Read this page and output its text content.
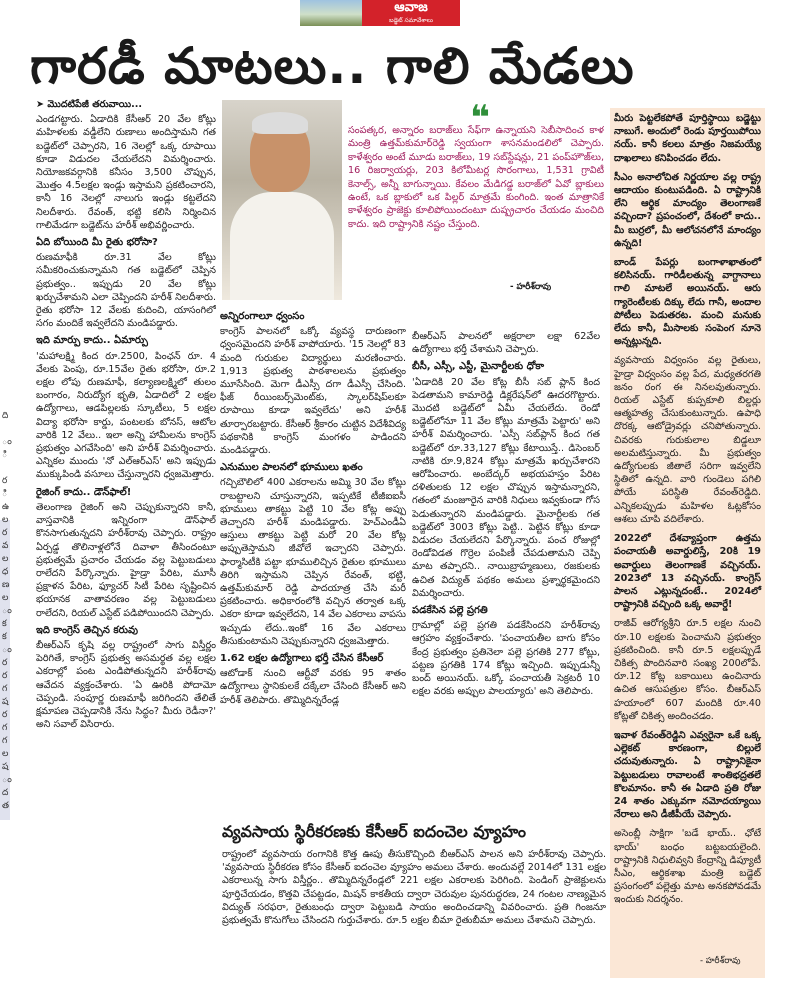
ఆవాజ
బడ్జెట్ సమావేశాలు
గారడీ మాటలు.. గాలి మేడలు
➤ మొదటిపేజీ తరువాయి...

ఎండగట్టారు. ఏడాదికి కేసీఆర్ 20 వేల కోట్లు మహిళలకు వడ్డీలేని రుణాలు అందిస్తామని గత బడ్జెట్‌లో చెప్పారని, 16 నెలల్లో ఒక్క రూపాయి కూడా విడుదల చేయలేదని విమర్శించారు. నియోజకవర్గానికి కనీసం 3,500 చొప్పున, మొత్తం 4.5లక్షల ఇండ్లు ఇస్తామని ప్రకటించారని, కానీ 16 నెలల్లో నాలుగు ఇండ్లు కట్టలేదని నిలదీశారు. రేవంత్, భట్టి కలిసి నిర్మించిన గాలిమేడగా బడ్జెట్‌ను హరీశ్ అభివర్ణించారు.

ఏది బోయింది మీ రైతు భరోసా?

రుణమాఫీకి రూ.31 వేల కోట్లు సమీకరించుకున్నామని గత బడ్జెట్‌లో చెప్పిన ప్రభుత్వం.. ఇప్పుడు 20 వేల కోట్లు ఖర్చుచేశామని ఎలా చెప్పిందని హరీశ్ నిలదీశారు. రైతు భరోసా 12 వేలకు కుదించి, యాసంగిలో సగం మందికే ఇవ్వలేదని మండిపడ్డారు.

ఇది మార్పు కాదు.. ఏమార్పు

'మహాలక్ష్మి కింద రూ.2500, పింఛన్ రూ. 4 వేలకు పెంపు, రూ.15వేల రైతు భరోసా, రూ.2 లక్షల లోపు రుణమాఫీ, కల్యాణలక్ష్మిలో తులం బంగారం, నిరుద్యోగ భృతి, ఏడాదిలో 2 లక్షల ఉద్యోగాలు, ఆడపిల్లలకు స్కూటీలు, 5 లక్షల విద్యా భరోసా కార్డు, పంటలకు బోనస్, ఆటోల వారికి 12 వేలు.. ఇలా అన్ని హామీలను కాంగ్రెస్ ప్రభుత్వం ఎగవేసింది' అని హరీశ్ విమర్శించారు. ఎన్నికల ముందు 'నో ఎల్ఆర్ఎస్' అని ఇప్పుడు ముక్కుపిండి వసూలు చేస్తున్నారని ధ్వజమెత్తారు.

రైజింగ్ కాదు.. డౌన్‌ఫాల్!

తెలంగాణ రైజింగ్ అని చెప్పుకున్నారని కానీ, వాస్తవానికి ఇన్నిరంగా డౌన్‌ఫాల్ కొనసాగుతున్నదని హరీశ్‌రావు చెప్పారు. రాష్ట్రం ఏర్పడ్డ తొలినాళ్లలోనే దివాళా తీసిందంటూ ప్రభుత్వమే ప్రచారం చేయడం వల్ల పెట్టుబడులు రాలేదని పేర్కొన్నారు. హైడ్రా పేరిట, మూసీ ప్రక్షాళన పేరిట, ఫ్యూచర్ సిటీ పేరిట సృష్టించిన భయానక వాతావరణం వల్ల పెట్టుబడులు రాలేదని, రియల్ ఎస్టేట్ పడిపోయిందని చెప్పారు.

ఇది కాంగ్రెస్ తెచ్చిన కరువు

బీఆర్ఎస్ కృషి వల్ల రాష్ట్రంలో సాగు విస్తీర్ణం పెరిగితే, కాంగ్రెస్ ప్రభుత్వ అసమర్థత వల్ల లక్షల ఎకరాల్లో పంట ఎండిపోతున్నదని హరీశ్‌రావు ఆవేదన వ్యక్తంచేశారు. 'ఏ ఊరికి పోదామో చెప్పండి. సంపూర్ణ రుణమాఫీ జరిగిందని తేలితే క్షమాపణ చెప్పడానికి నేను సిద్ధం? మీరు రెడీనా?' అని సవాల్ విసిరారు.

❝
సంపత్కర, అన్నారం బరాజ్‌లు సేఫ్‌గా ఉన్నాయని సెబీసాదించ కాళ మంత్రి ఉత్తమ్‌కుమార్‌రెడ్డి స్వయంగా శాసనమండలిలో చెప్పారు. కాళేశ్వరం అంటే మూడు బరాజ్‌లు, 19 సబ్‌స్టేషన్లు, 21 పంప్‌హౌజ్‌లు, 16 రిజర్వాయర్లు, 203 కిలోమీటర్ల సొరంగాలు, 1,531 గ్రావిటీ కెనాల్స్, అన్నీ బాగున్నాయి. కేవలం మేడిగడ్డ బరాజ్‌లో ఏవో బ్లాకులు ఉంటే, ఒక బ్లాకులో ఒక పిల్లర్ మాత్రమే కుంగింది. ఇంత మాత్రానికే కాళేశ్వరం ప్రాజెక్టు కూలిపోయిందంటూ దుష్ప్రచారం చేయడం మంచిది కాదు. ఇది రాష్ట్రానికి నష్టం చేస్తుంది.
- హరీశ్‌రావు
అన్నిరంగాలూ ధ్వంసం

కాంగ్రెస్ పాలనలో ఒక్కో వ్యవస్థ దారుణంగా ధ్వంసమైందని హరీశ్ వాపోయారు. '15 నెలల్లో 83 మంది గురుకుల విద్యార్థులు మరణించారు. 1,913 ప్రభుత్వ పాఠశాలలను ప్రభుత్వం మూసేసింది. మెగా డీఎస్సీ దగా డీఎస్సీ చేసింది. ఫీజ్ రీయింబర్స్‌మెంట్‌కు, స్కాలర్‌షిప్‌లకూ రూపాయి కూడా ఇవ్వలేదు' అని హరీశ్ తూర్పారబట్టారు. కేసీఆర్ శ్రీకారం చుట్టిన విదేశీవిద్య పథకానికి కాంగ్రెస్ మంగళం పాడిందని మండిపడ్డారు.

ఎనుముల పాలనలో భూములు ఖతం

గచ్చిబౌలిలో 400 ఎకరాలను అమ్మి 30 వేల కోట్లు రాబట్టాలని చూస్తున్నారని, ఇప్పటికే టీజీఐఐసీ భూములు తాకట్టు పెట్టి 10 వేల కోట్ల అప్పు తెచ్చారని హరీశ్ మండిపడ్డారు. హెచ్ఎండీఏ ఆస్తులు తాకట్టు పెట్టి మరో 20 వేల కోట్ల అప్పుతెస్తామని జీవోలే ఇచ్చారని చెప్పారు. ఫార్మాసిటీకి పట్టా భూములిచ్చిన రైతుల భూములు తిరిగి ఇస్తామని చెప్పిన రేవంత్, భట్టి, ఉత్తమ్‌కుమార్ రెడ్డి పాదయాత్ర చేసి మరీ ప్రకటించారు. అధికారంలోకి వచ్చిన తర్వాత ఒక్క ఎకరా కూడా ఇవ్వలేదని, 14 వేల ఎకరాలు వాపసు ఇచ్చుడు లేదు..ఇంకో 16 వేల ఎకరాలు తీసుకుంటామని చెప్పుకున్నారని ధ్వజమెత్తారు.

1.62 లక్షల ఉద్యోగాలు భర్తీ చేసిన కేసీఆర్

ఆటోడాక్ నుంచి ఆర్టీవో వరకు 95 శాతం ఉద్యోగాలు స్థానికులకే దక్కేలా చేసింది కేసీఆర్ అని హరీశ్ తెలిపారు. తొమ్మిదిన్నరేండ్ల

బీఆర్ఎస్ పాలనలో అక్షరాలా లక్షా 62వేల ఉద్యోగాలు భర్తీ చేశామని చెప్పారు.

బీసీ, ఎస్సీ, ఎస్టీ, మైనార్టీలకు ధోకా

'ఏడాదికి 20 వేల కోట్ల బీసీ సబ్ ప్లాన్ కింద పెడతామని కామారెడ్డి డిక్లరేషన్‌లో ఊదరగొట్టారు. మొదటి బడ్జెట్‌లో ఏమీ చేయలేదు. రెండో బడ్జెట్‌లోనూ 11 వేల కోట్లు మాత్రమే పెట్టారు' అని హరీశ్ విమర్శించారు. 'ఎస్సీ సబ్‌ప్లాన్ కింద గత బడ్జెట్‌లో రూ.33,127 కోట్లు కేటాయిస్తే.. డిసెంబర్ నాటికి రూ.9,824 కోట్లు మాత్రమే ఖర్చుచేశారని ఆరోపించారు. అంబేద్కర్ అభయహస్తం పేరిట దళితులకు 12 లక్షల చొప్పున ఇస్తామన్నారని, గతంలో మంజూరైన వారికి నిధులు ఇవ్వకుండా గోస పెడుతున్నారని మండిపడ్డారు. మైనార్టీలకు గత బడ్జెట్‌లో 3003 కోట్లు పెట్టి.. పెట్టిన కోట్లు కూడా విడుదల చేయలేదని పేర్కొన్నారు. పంచ రోజుల్లో రెండోవిడత గొర్రెల పంపిణీ చేపడుతామని చెప్పి మాట తప్పారని.. నాయిబ్రాహ్మణులు, రజకులకు ఉచిత విద్యుత్ పథకం అమలు ప్రశ్నార్థకమైందని విమర్శించారు.

పడకేసిన పల్లె ప్రగతి

గ్రామాల్లో పల్లె ప్రగతి పడకేసిందని హరీశ్‌రావు ఆగ్రహం వ్యక్తంచేశారు. 'పంచాయతీల బాగు కోసం కేంద్ర ప్రభుత్వం ప్రతినెలా పల్లె ప్రగతికి 277 కోట్లు, పట్టణ ప్రగతికి 174 కోట్లు ఇచ్చింది. ఇప్పుడున్నీ బంద్ అయినయ్. ఒక్కో పంచాయతీ సెక్రటరీ 10 లక్షల వరకు అప్పుల పాలయ్యారు' అని తెలిపారు.

వ్యవసాయ స్థిరీకరణకు కేసీఆర్ ఐదంచెల వ్యూహం
రాష్ట్రంలో వ్యవసాయ రంగానికి కొత్త ఊపు తీసుకొచ్చింది బీఆర్ఎస్ పాలన అని హరీశ్‌రావు చెప్పారు. 'వ్యవసాయ స్థిరీకరణ కోసం కేసీఆర్ ఐదంచెల వ్యూహం అమలు చేశారు. అందువల్లే 2014లో 131 లక్షల ఎకరాలున్న సాగు విస్తీర్ణం.. తొమ్మిదిన్నరేండ్లలో 221 లక్షల ఎకరాలకు పెరిగింది. పెండింగ్ ప్రాజెక్టులను పూర్తిచేయడం, కొత్తవి చేపట్టడం, మిషన్ కాకతీయ ద్వారా చెరువుల పునరుద్ధరణ, 24 గంటల నాణ్యమైన విద్యుత్ సరఫరా, రైతుబంధు ద్వారా పెట్టుబడి సాయం అందించడాన్ని వివరించారు. ప్రతి గింజనూ ప్రభుత్వమే కొనుగోలు చేసిందని గుర్తుచేశారు. రూ.5 లక్షల బీమా రైతుబీమా అమలు చేశామని చెప్పారు.

మీరు పెట్టలేకపోతే పూర్తిస్థాయి బడ్జెట్టు నాబుగే. అందులో రెండు పూర్తయిపోయి నయ్. కానీ కలలు మాత్రం నిజమయ్యే దాఖలాలు కనిపించడం లేదు.

సీఎం అనాలోచిత నిర్ణయాల వల్ల రాష్ట్ర ఆదాయం కుంటుపడింది. ఏ రాష్ట్రానికి లేని ఆర్థిక మాంద్యం తెలంగాణకే వచ్చిందా? ప్రపంచంలో, దేశంలో కాదు.. మీ బుర్రలో, మీ ఆలోచనలోనే మాంద్యం ఉన్నది!

బాండ్ పేపర్లు బంగాళాఖాతంలో కలిసినయ్. గారిడీలతున్న వాగ్దానాలు గాలి మాటలే అయినయ్. ఆరు గ్యారెంటీలకు దిక్కు లేదు గానీ, అందాల పోటీలు పెడుతరట. మంచి మనుకు లేదు కానీ, మీసాలకు సంపెంగ నూనె అన్నట్లున్నది.

వ్యవసాయ విధ్వంసం వల్ల రైతులు, హైడ్రా విధ్వంసం వల్ల పేద, మధ్యతరగతి జనం రంగ ఈ నినలవుతున్నారు. రియల్ ఎస్టేట్ కుప్పకూలి బిల్డర్లు ఆత్మహత్య చేసుకుంటున్నారు. ఉపాధి దొరక్క ఆటోడ్రైవర్లు చనిపోతున్నారు. చివరకు గురుకులాల బిడ్డలూ అలమటిస్తున్నారు. మీ ప్రభుత్వం ఉద్యోగులకు జీతాలే సరిగా ఇవ్వలేని స్థితిలో ఉన్నది. వారి గుండెలు పగిలి పోయే పరిస్థితి రేవంత్‌రెడ్డిది. ఎన్నికలప్పుడు మహిళల ఓట్లకోసం ఆశలు చూపి వదిలేశారు.

2022లో దేశవ్యాప్తంగా ఉత్తమ పంచాయతీ అవార్డులిస్తే, 20కి 19 అవార్డులు తెలంగాణకే వచ్చినయ్. 2023లో 13 వచ్చినయ్. కాంగ్రెస్ పాలన ఎట్లున్నదంటే.. 2024లో రాష్ట్రానికి వచ్చింది ఒక్క అవార్డే!

రాజీవ్ ఆరోగ్యశ్రీని రూ.5 లక్షల నుంచి రూ.10 లక్షలకు పెంచామని ప్రభుత్వం ప్రకటించింది. కానీ రూ.5 లక్షలప్పుడే చికిత్స పొందినవారి సంఖ్య 200లోపే. రూ.12 కోట్ల బకాయిలు ఉంచినారు ఉచిత ఆసుపత్రుల కోసం. బీఆర్ఎస్ హయాంలో 607 మందికి రూ.40 కోట్లతో చికిత్స అందించడం.

ఇవాళ రేవంత్‌రెడ్డిని ఎవ్వరైనా ఒకే ఒక్క ఎల్లెకట్ కారణంగా, బిల్లులే చదువుతున్నారు. ఏ రాష్ట్రానికైనా పెట్టుబడులు రావాలంటే శాంతిభద్రతలే కొలమానం. కానీ ఈ ఏడాది ప్రతి రోజు 24 శాతం ఎక్కువగా నమోదయ్యాయి నేరాలు అని డీజీపీయే చెప్పారు.

అసెంబ్లీ సాక్షిగా 'బడే భాయ్.. ఛోటే భాయ్' బంధం బట్టబయలైంది. రాష్ట్రానికి నిధులివ్వని కేంద్రాన్ని డిప్యూటీ సీఎం, ఆర్థికశాఖ మంత్రి బడ్జెట్ ప్రసంగంలో పల్లెత్తు మాట అనకపోవడమే ఇందుకు నిదర్శనం.

- హరీశ్‌రావు
ది
ం
ి
ర
ి
ఉ
ల
ర
వ
ల
ధ
ణ
ల
ం
క
క
ం
ర
ర
గ
ష
ర
గ
గ
ల
ష
ం
ద
త
